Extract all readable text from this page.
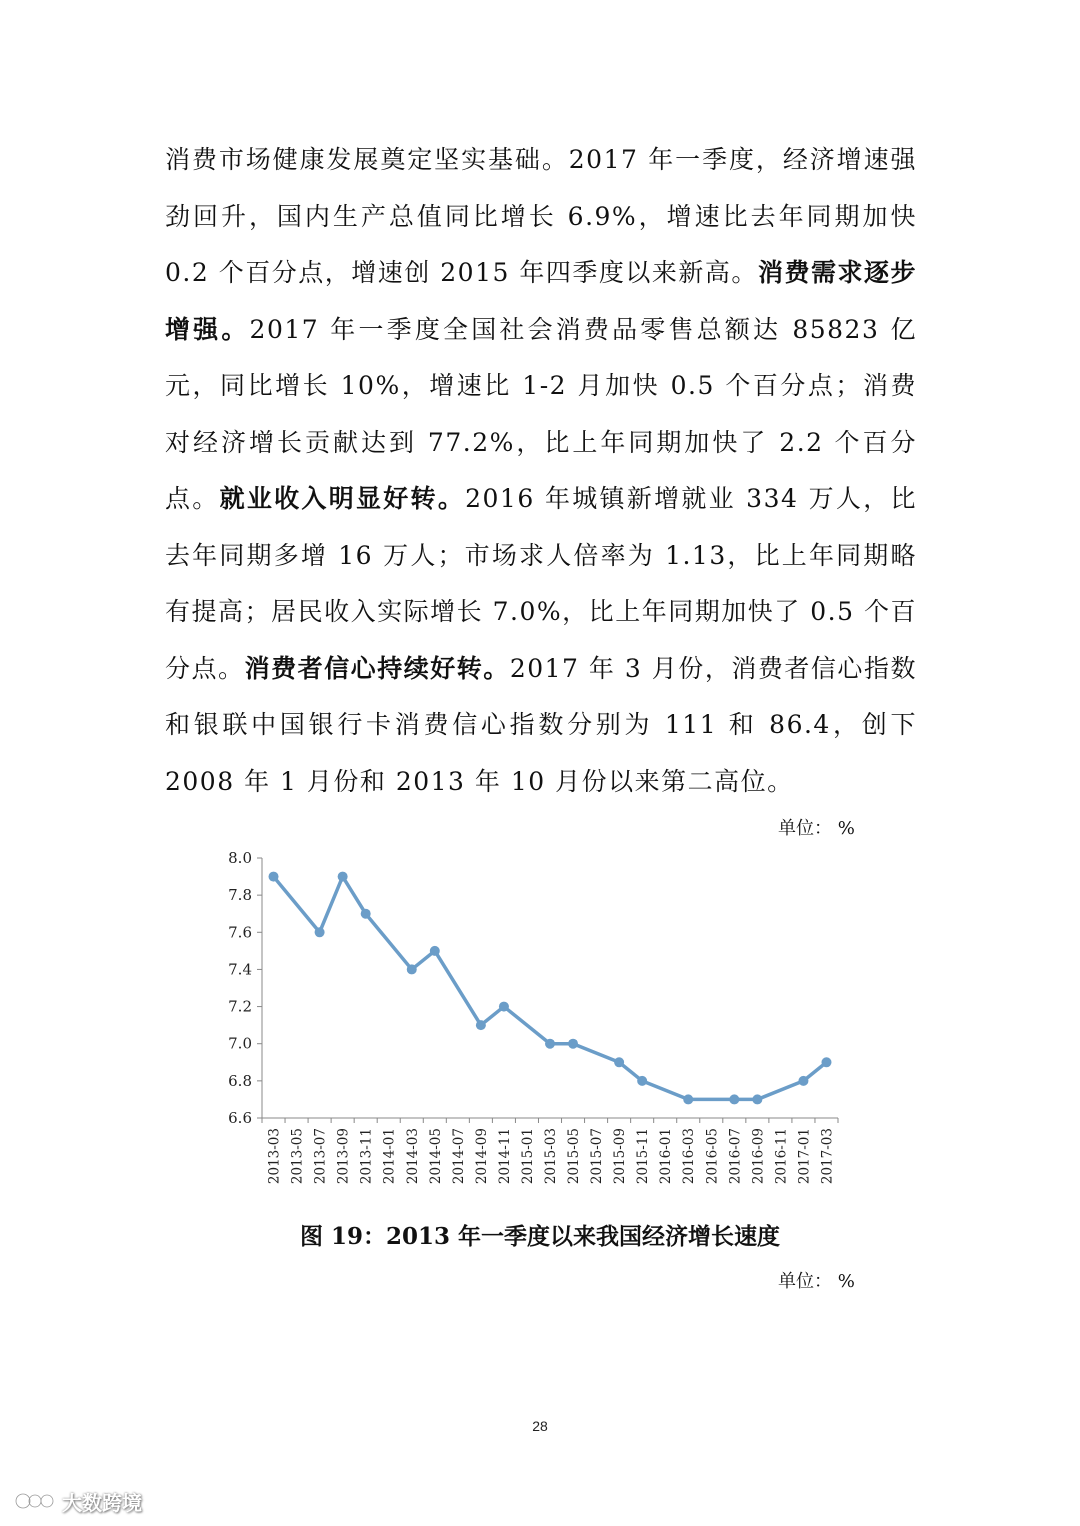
消费市场健康发展奠定坚实基础。2017 年一季度，经济增速强劲回升，国内生产总值同比增长 6.9%，增速比去年同期加快 0.2 个百分点，增速创 2015 年四季度以来新高。消费需求逐步增强。2017 年一季度全国社会消费品零售总额达 85823 亿元，同比增长 10%，增速比 1-2 月加快 0.5 个百分点；消费对经济增长贡献达到 77.2%，比上年同期加快了 2.2 个百分点。就业收入明显好转。2016 年城镇新增就业 334 万人，比去年同期多增 16 万人；市场求人倍率为 1.13，比上年同期略有提高；居民收入实际增长 7.0%，比上年同期加快了 0.5 个百分点。消费者信心持续好转。2017 年 3 月份，消费者信心指数和银联中国银行卡消费信心指数分别为 111 和 86.4，创下 2008 年 1 月份和 2013 年 10 月份以来第二高位。
单位： %
8.0
7.8
7.6
7.4
7.2
7.0
6.8
6.6
2013-03 2013-05 2013-07 2013-09 2013-11 2014-01 2014-03 2014-05 2014-07 2014-09 2014-11 2015-01 2015-03 2015-05 2015-07 2015-09 2015-11 2016-01 2016-03 2016-05 2016-07 2016-09 2016-11 2017-01 2017-03
图 19：2013 年一季度以来我国经济增长速度
单位： %
28
大数跨境
